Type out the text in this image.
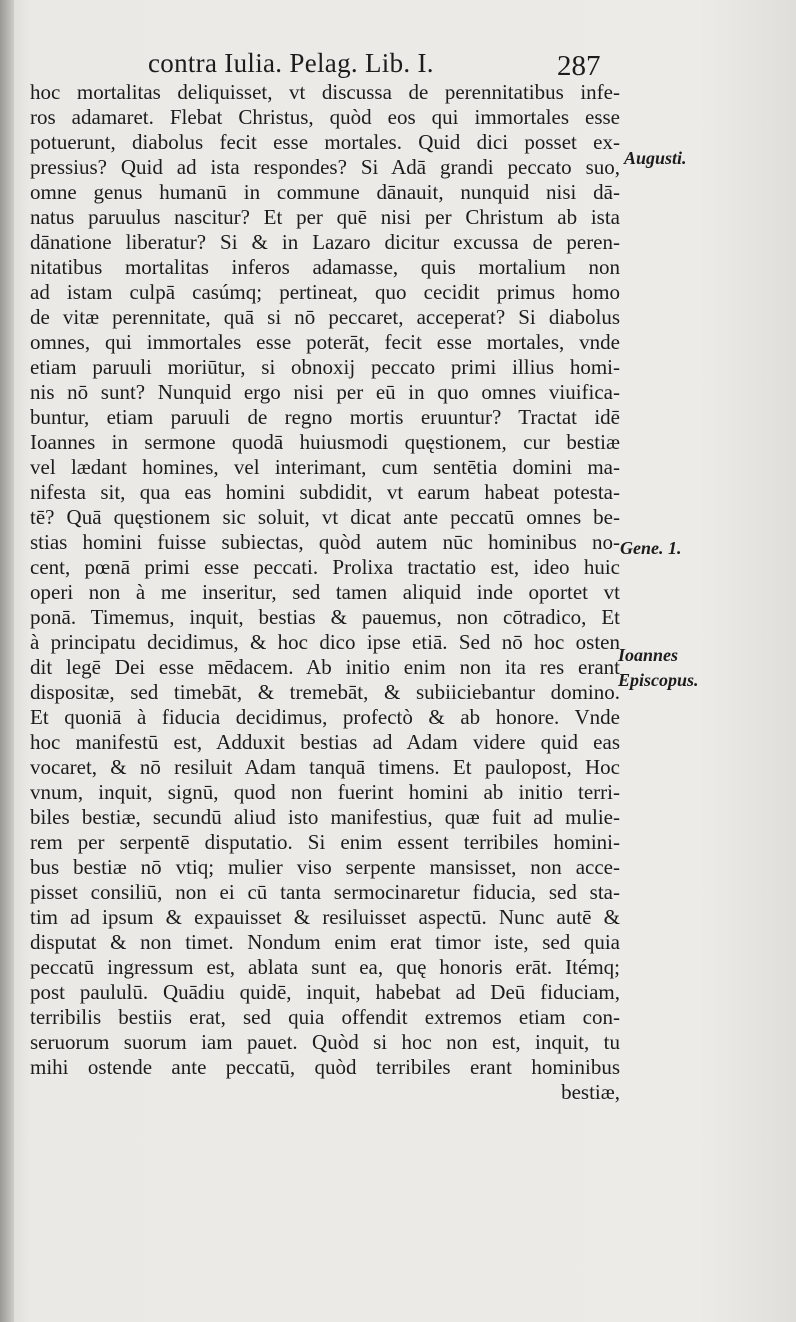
contra Iulia. Pelag. Lib. I.	287
hoc mortalitas deliquisset, vt discussa de perennitatibus infe-
ros adamaret. Flebat Christus, quòd eos qui immortales esse
potuerunt, diabolus fecit esse mortales. Quid dici posset ex-
pressius? Quid ad ista respondes? Si Adā grandi peccato suo,
omne genus humanū in commune dānauit, nunquid nisi dā-
natus paruulus nascitur? Et per quē nisi per Christum ab ista
dānatione liberatur? Si & in Lazaro dicitur excussa de peren-
nitatibus mortalitas inferos adamasse, quis mortalium non
ad istam culpā casúmq; pertineat, quo cecidit primus homo
de vitæ perennitate, quā si nō peccaret, acceperat? Si diabolus
omnes, qui immortales esse poterāt, fecit esse mortales, vnde
etiam paruuli moriūtur, si obnoxij peccato primi illius homi-
nis nō sunt? Nunquid ergo nisi per eū in quo omnes viuifica-
buntur, etiam paruuli de regno mortis eruuntur? Tractat idē
Ioannes in sermone quodā huiusmodi quęstionem, cur bestiæ
vel lædant homines, vel interimant, cum sentētia domini ma-
nifesta sit, qua eas homini subdidit, vt earum habeat potesta-
tē? Quā quęstionem sic soluit, vt dicat ante peccatū omnes be-
stias homini fuisse subiectas, quòd autem nūc hominibus no-
cent, pœnā primi esse peccati. Prolixa tractatio est, ideo huic
operi non à me inseritur, sed tamen aliquid inde oportet vt
ponā. Timemus, inquit, bestias & pauemus, non cōtradico, Et
à principatu decidimus, & hoc dico ipse etiā. Sed nō hoc osten
dit legē Dei esse mēdacem. Ab initio enim non ita res erant
dispositæ, sed timebāt, & tremebāt, & subiiciebantur domino.
Et quoniā à fiducia decidimus, profectò & ab honore. Vnde
hoc manifestū est, Adduxit bestias ad Adam videre quid eas
vocaret, & nō resiluit Adam tanquā timens. Et paulopost, Hoc
vnum, inquit, signū, quod non fuerint homini ab initio terri-
biles bestiæ, secundū aliud isto manifestius, quæ fuit ad mulie-
rem per serpentē disputatio. Si enim essent terribiles homini-
bus bestiæ nō vtiq; mulier viso serpente mansisset, non acce-
pisset consiliū, non ei cū tanta sermocinaretur fiducia, sed sta-
tim ad ipsum & expauisset & resiluisset aspectū. Nunc autē &
disputat & non timet. Nondum enim erat timor iste, sed quia
peccatū ingressum est, ablata sunt ea, quę honoris erāt. Itémq;
post paululū. Quādiu quidē, inquit, habebat ad Deū fiduciam,
terribilis bestiis erat, sed quia offendit extremos etiam con-
seruorum suorum iam pauet. Quòd si hoc non est, inquit, tu
mihi ostende ante peccatū, quòd terribiles erant hominibus
bestiæ,
Augusti.
Gene. 1.
Ioannes
Episcopus.
